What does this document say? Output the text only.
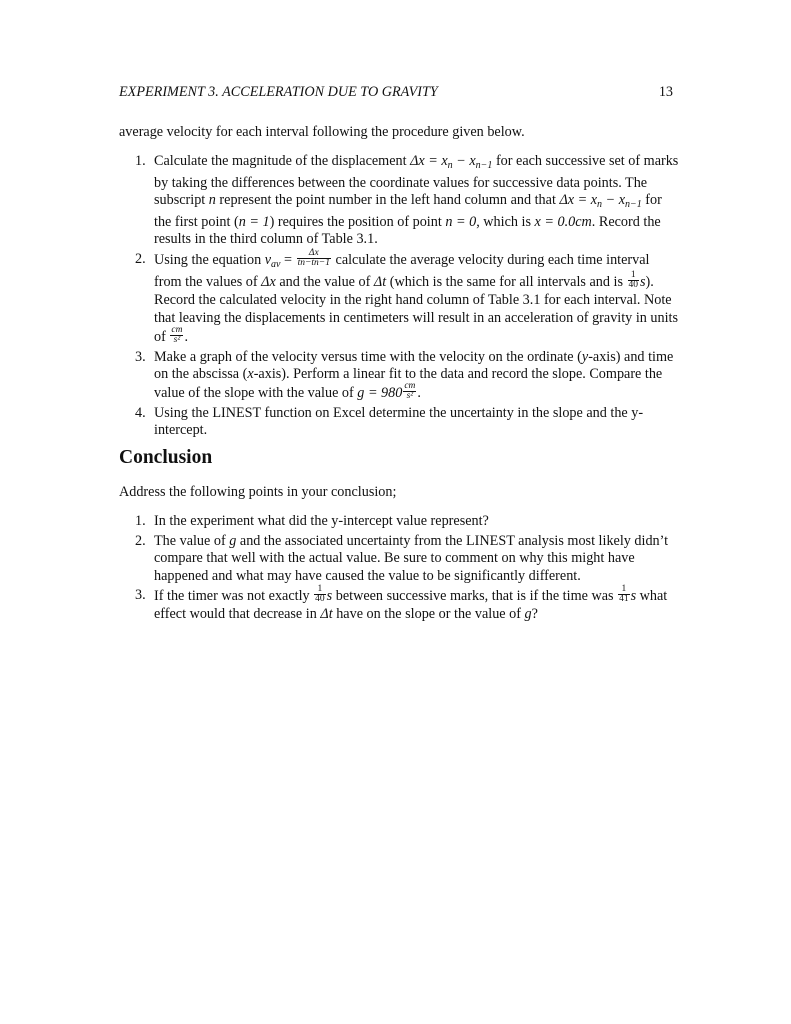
EXPERIMENT 3. ACCELERATION DUE TO GRAVITY	13
average velocity for each interval following the procedure given below.
1. Calculate the magnitude of the displacement $\Delta x = x_n - x_{n-1}$ for each successive set of marks by taking the differences between the coordinate values for successive data points. The subscript n represent the point number in the left hand column and that $\Delta x = x_n - x_{n-1}$ for the first point (n = 1) requires the position of point n = 0, which is x = 0.0cm. Record the results in the third column of Table 3.1.
2. Using the equation $v_{av} = \frac{\Delta x}{tn-tn-1}$ calculate the average velocity during each time interval from the values of Δx and the value of Δt (which is the same for all intervals and is $\frac{1}{40} s$). Record the calculated velocity in the right hand column of Table 3.1 for each interval. Note that leaving the displacements in centimeters will result in an acceleration of gravity in units of $\frac{cm}{\text{s²}}$ .
3. Make a graph of the velocity versus time with the velocity on the ordinate (y-axis) and time on the abscissa (x-axis). Perform a linear fit to the data and record the slope. Compare the value of the slope with the value of $g = 980 \frac{cm}{\text{s²}}$ .
4. Using the LINEST function on Excel determine the uncertainty in the slope and the y-intercept.
Conclusion
Address the following points in your conclusion;
1. In the experiment what did the y-intercept value represent?
2. The value of g and the associated uncertainty from the LINEST analysis most likely didn’t compare that well with the actual value. Be sure to comment on why this might have happened and what may have caused the value to be significantly different.
3. If the timer was not exactly $\frac{1}{40}$ s between successive marks, that is if the time was $\frac{1}{41}$ s what effect would that decrease in Δt have on the slope or the value of g?
